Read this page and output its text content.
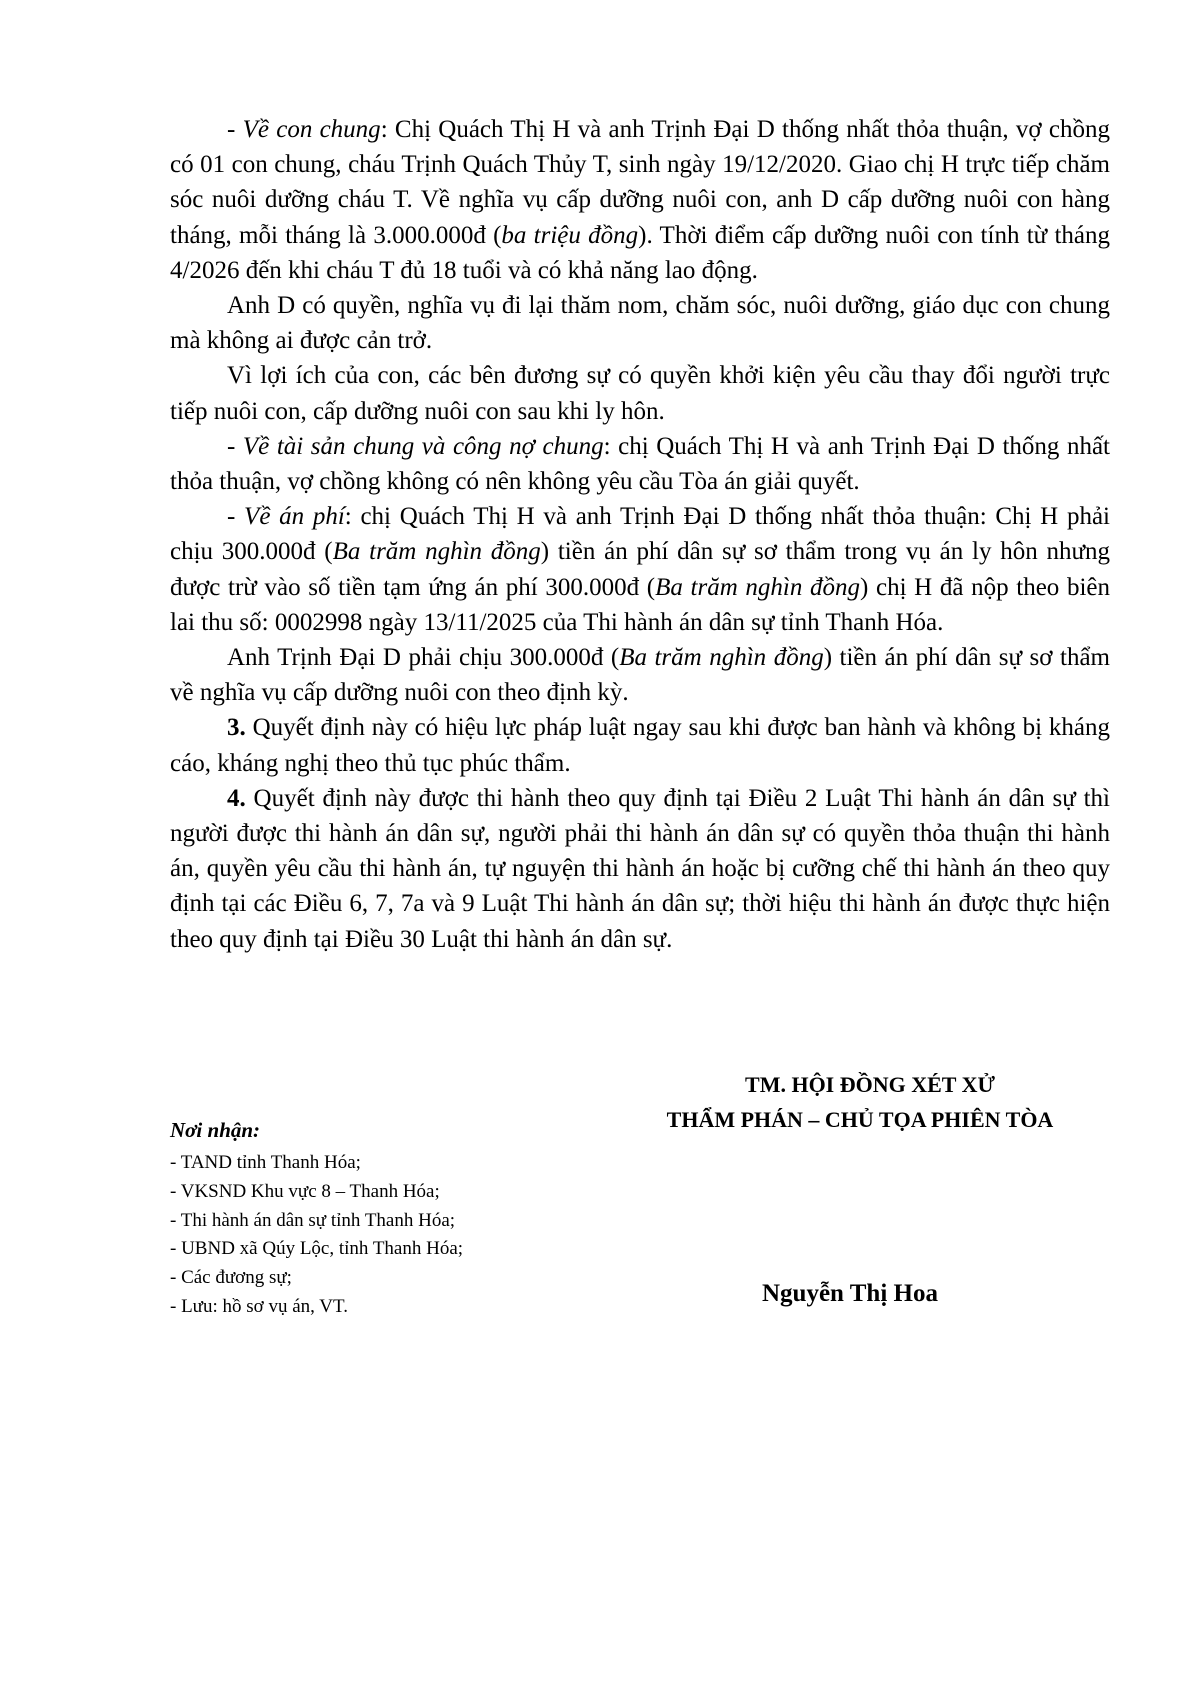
- Về con chung: Chị Quách Thị H và anh Trịnh Đại D thống nhất thỏa thuận, vợ chồng có 01 con chung, cháu Trịnh Quách Thủy T, sinh ngày 19/12/2020. Giao chị H trực tiếp chăm sóc nuôi dưỡng cháu T. Về nghĩa vụ cấp dưỡng nuôi con, anh D cấp dưỡng nuôi con hàng tháng, mỗi tháng là 3.000.000đ (ba triệu đồng). Thời điểm cấp dưỡng nuôi con tính từ tháng 4/2026 đến khi cháu T đủ 18 tuổi và có khả năng lao động.

Anh D có quyền, nghĩa vụ đi lại thăm nom, chăm sóc, nuôi dưỡng, giáo dục con chung mà không ai được cản trở.

Vì lợi ích của con, các bên đương sự có quyền khởi kiện yêu cầu thay đổi người trực tiếp nuôi con, cấp dưỡng nuôi con sau khi ly hôn.

- Về tài sản chung và công nợ chung: chị Quách Thị H và anh Trịnh Đại D thống nhất thỏa thuận, vợ chồng không có nên không yêu cầu Tòa án giải quyết.

- Về án phí: chị Quách Thị H và anh Trịnh Đại D thống nhất thỏa thuận: Chị H phải chịu 300.000đ (Ba trăm nghìn đồng) tiền án phí dân sự sơ thẩm trong vụ án ly hôn nhưng được trừ vào số tiền tạm ứng án phí 300.000đ (Ba trăm nghìn đồng) chị H đã nộp theo biên lai thu số: 0002998 ngày 13/11/2025 của Thi hành án dân sự tỉnh Thanh Hóa.

Anh Trịnh Đại D phải chịu 300.000đ (Ba trăm nghìn đồng) tiền án phí dân sự sơ thẩm về nghĩa vụ cấp dưỡng nuôi con theo định kỳ.

3. Quyết định này có hiệu lực pháp luật ngay sau khi được ban hành và không bị kháng cáo, kháng nghị theo thủ tục phúc thẩm.

4. Quyết định này được thi hành theo quy định tại Điều 2 Luật Thi hành án dân sự thì người được thi hành án dân sự, người phải thi hành án dân sự có quyền thỏa thuận thi hành án, quyền yêu cầu thi hành án, tự nguyện thi hành án hoặc bị cưỡng chế thi hành án theo quy định tại các Điều 6, 7, 7a và 9 Luật Thi hành án dân sự; thời hiệu thi hành án được thực hiện theo quy định tại Điều 30 Luật thi hành án dân sự.

TM. HỘI ĐỒNG XÉT XỬ
THẨM PHÁN – CHỦ TỌA PHIÊN TÒA
Nơi nhận:
- TAND tỉnh Thanh Hóa;
- VKSND Khu vực 8 – Thanh Hóa;
- Thi hành án dân sự tỉnh Thanh Hóa;
- UBND xã Qúy Lộc, tỉnh Thanh Hóa;
- Các đương sự;
- Lưu: hồ sơ vụ án, VT.	Nguyễn Thị Hoa
